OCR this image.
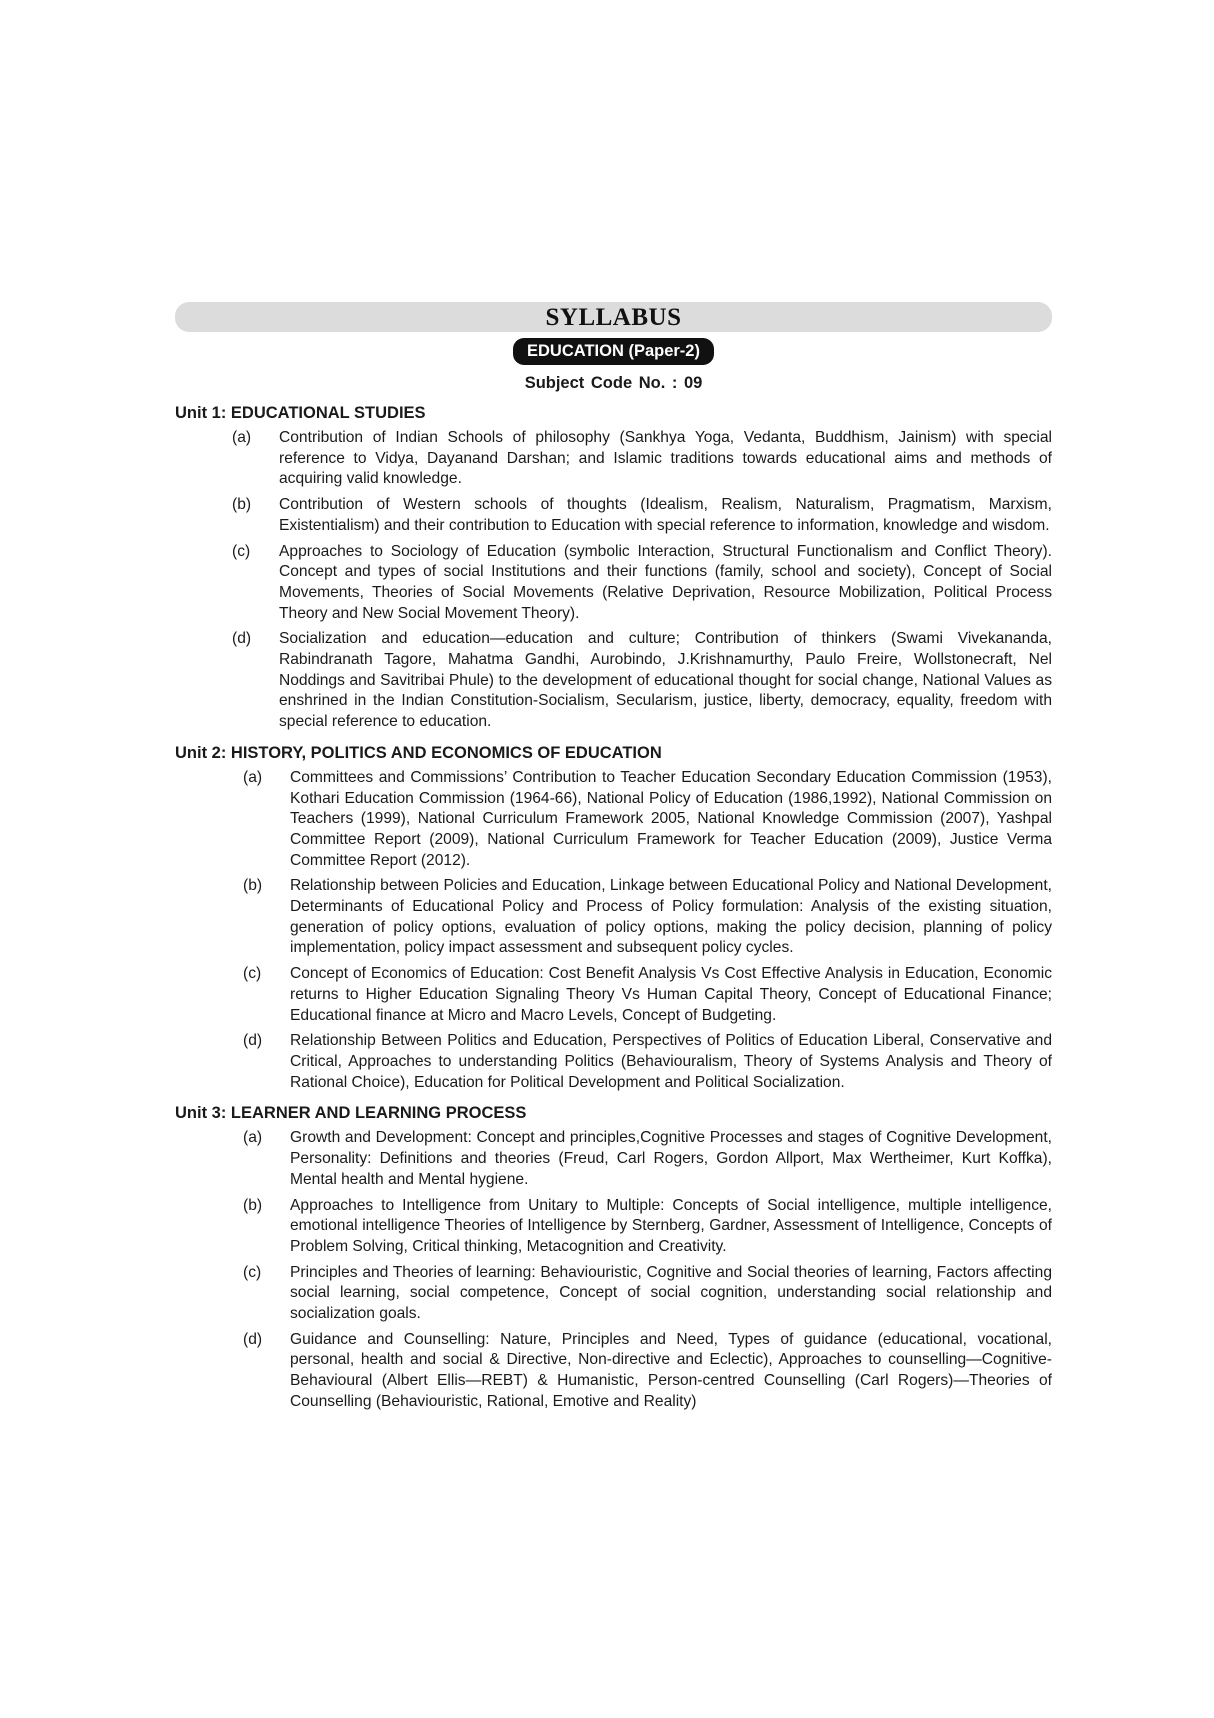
SYLLABUS
EDUCATION (Paper-2)
Subject Code No. : 09
Unit 1: EDUCATIONAL STUDIES
(a)	Contribution of Indian Schools of philosophy (Sankhya Yoga, Vedanta, Buddhism, Jainism) with special reference to Vidya, Dayanand Darshan; and Islamic traditions towards educational aims and methods of acquiring valid knowledge.
(b)	Contribution of Western schools of thoughts (Idealism, Realism, Naturalism, Pragmatism, Marxism, Existentialism) and their contribution to Education with special reference to information, knowledge and wisdom.
(c)	Approaches to Sociology of Education (symbolic Interaction, Structural Functionalism and Conflict Theory). Concept and types of social Institutions and their functions (family, school and society), Concept of Social Movements, Theories of Social Movements (Relative Deprivation, Resource Mobilization, Political Process Theory and New Social Movement Theory).
(d)	Socialization and education—education and culture; Contribution of thinkers (Swami Vivekananda, Rabindranath Tagore, Mahatma Gandhi, Aurobindo, J.Krishnamurthy, Paulo Freire, Wollstonecraft, Nel Noddings and Savitribai Phule) to the development of educational thought for social change, National Values as enshrined in the Indian Constitution-Socialism, Secularism, justice, liberty, democracy, equality, freedom with special reference to education.
Unit 2: HISTORY, POLITICS AND ECONOMICS OF EDUCATION
(a)	Committees and Commissions’ Contribution to Teacher Education Secondary Education Commission (1953), Kothari Education Commission (1964-66), National Policy of Education (1986,1992), National Commission on Teachers (1999), National Curriculum Framework 2005, National Knowledge Commission (2007), Yashpal Committee Report (2009), National Curriculum Framework for Teacher Education (2009), Justice Verma Committee Report (2012).
(b)	Relationship between Policies and Education, Linkage between Educational Policy and National Development, Determinants of Educational Policy and Process of Policy formulation: Analysis of the existing situation, generation of policy options, evaluation of policy options, making the policy decision, planning of policy implementation, policy impact assessment and subsequent policy cycles.
(c)	Concept of Economics of Education: Cost Benefit Analysis Vs Cost Effective Analysis in Education, Economic returns to Higher Education Signaling Theory Vs Human Capital Theory, Concept of Educational Finance; Educational finance at Micro and Macro Levels, Concept of Budgeting.
(d)	Relationship Between Politics and Education, Perspectives of Politics of Education Liberal, Conservative and Critical, Approaches to understanding Politics (Behaviouralism, Theory of Systems Analysis and Theory of Rational Choice), Education for Political Development and Political Socialization.
Unit 3: LEARNER AND LEARNING PROCESS
(a)	Growth and Development: Concept and principles,Cognitive Processes and stages of Cognitive Development, Personality: Definitions and theories (Freud, Carl Rogers, Gordon Allport, Max Wertheimer, Kurt Koffka), Mental health and Mental hygiene.
(b)	Approaches to Intelligence from Unitary to Multiple: Concepts of Social intelligence, multiple intelligence, emotional intelligence Theories of Intelligence by Sternberg, Gardner, Assessment of Intelligence, Concepts of Problem Solving, Critical thinking, Metacognition and Creativity.
(c)	Principles and Theories of learning: Behaviouristic, Cognitive and Social theories of learning, Factors affecting social learning, social competence, Concept of social cognition, understanding social relationship and socialization goals.
(d)	Guidance and Counselling: Nature, Principles and Need, Types of guidance (educational, vocational, personal, health and social & Directive, Non-directive and Eclectic), Approaches to counselling—Cognitive-Behavioural (Albert Ellis—REBT) & Humanistic, Person-centred Counselling (Carl Rogers)—Theories of Counselling (Behaviouristic, Rational, Emotive and Reality)
